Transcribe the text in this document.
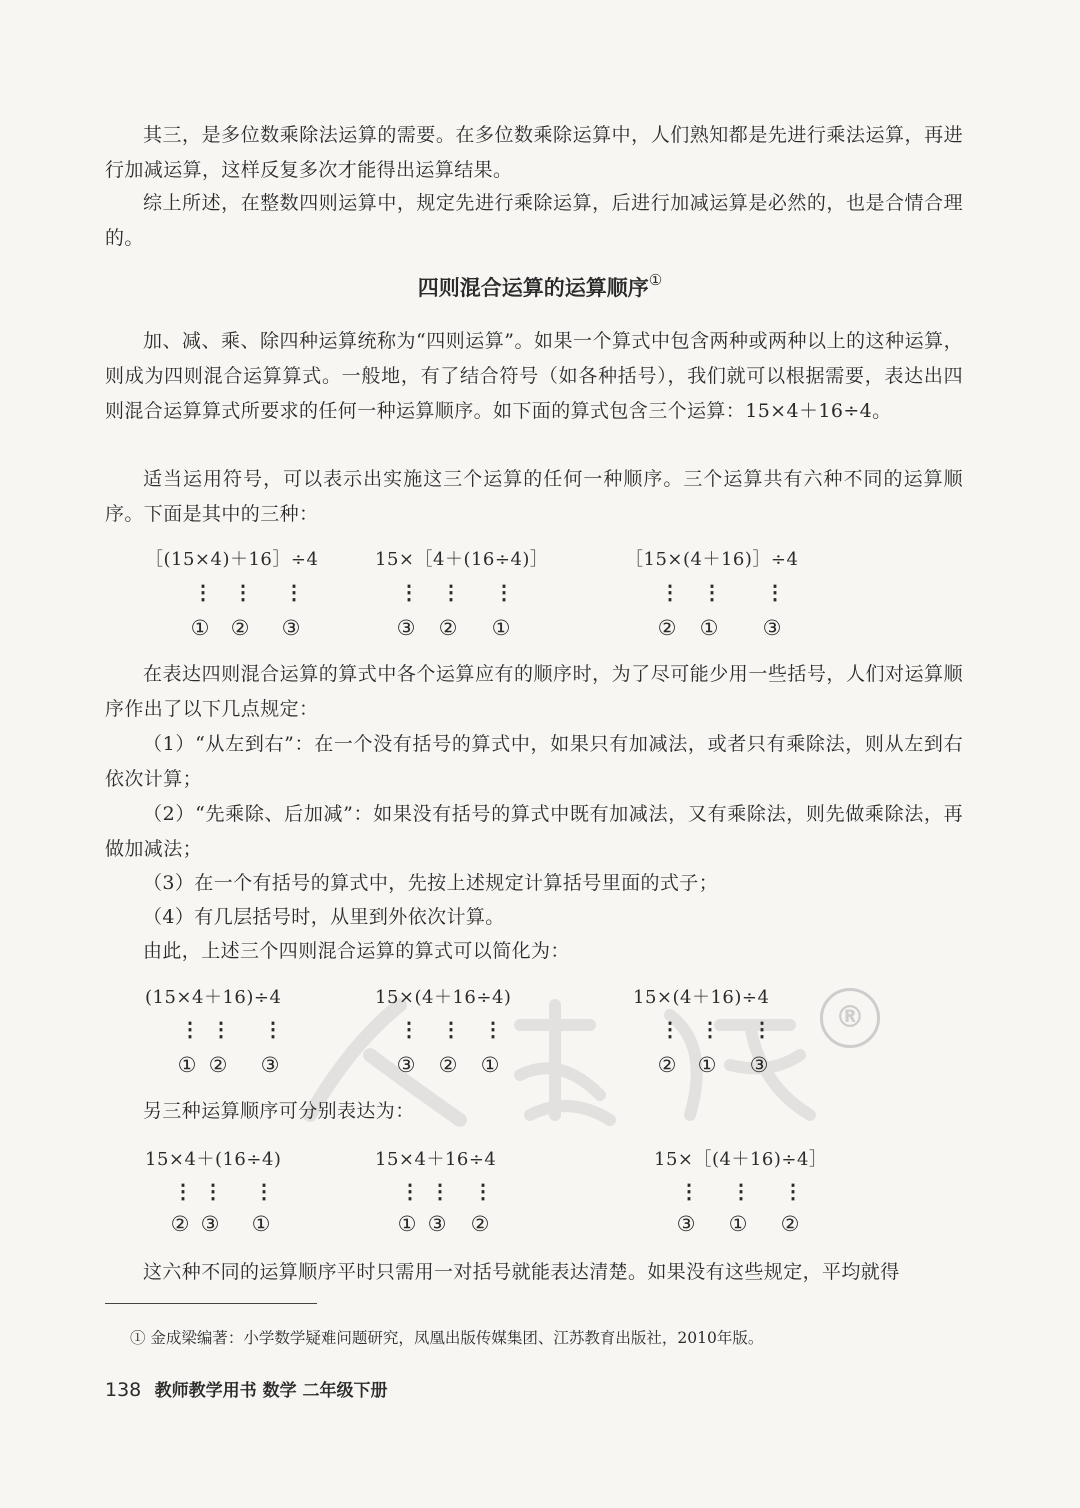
其三，是多位数乘除法运算的需要。在多位数乘除运算中，人们熟知都是先进行乘法运算，再进行加减运算，这样反复多次才能得出运算结果。

综上所述，在整数四则运算中，规定先进行乘除运算，后进行加减运算是必然的，也是合情合理的。

四则混合运算的运算顺序①

加、减、乘、除四种运算统称为“四则运算”。如果一个算式中包含两种或两种以上的这种运算，则成为四则混合运算算式。一般地，有了结合符号（如各种括号），我们就可以根据需要，表达出四则混合运算算式所要求的任何一种运算顺序。如下面的算式包含三个运算：15×4＋16÷4。

适当运用符号，可以表示出实施这三个运算的任何一种顺序。三个运算共有六种不同的运算顺序。下面是其中的三种：

［(15×4)＋16］÷4	15×［4＋(16÷4)］	［15×(4＋16)］÷4
⋮ ⋮ ⋮	⋮ ⋮ ⋮	⋮ ⋮ ⋮
① ② ③	③ ② ①	② ① ③

在表达四则混合运算的算式中各个运算应有的顺序时，为了尽可能少用一些括号，人们对运算顺序作出了以下几点规定：

（1）“从左到右”：在一个没有括号的算式中，如果只有加减法，或者只有乘除法，则从左到右依次计算；

（2）“先乘除、后加减”：如果没有括号的算式中既有加减法，又有乘除法，则先做乘除法，再做加减法；

（3）在一个有括号的算式中，先按上述规定计算括号里面的式子；

（4）有几层括号时，从里到外依次计算。

由此，上述三个四则混合运算的算式可以简化为：

®
(15×4＋16)÷4	15×(4＋16÷4)	15×(4＋16)÷4
⋮ ⋮ ⋮	⋮ ⋮ ⋮	⋮ ⋮ ⋮
① ② ③	③ ② ①	② ① ③

另三种运算顺序可分别表达为：

15×4＋(16÷4)	15×4＋16÷4	15×［(4＋16)÷4］
⋮ ⋮ ⋮	⋮ ⋮ ⋮	⋮ ⋮ ⋮
② ③ ①	① ③ ②	③ ① ②

这六种不同的运算顺序平时只需用一对括号就能表达清楚。如果没有这些规定，平均就得

① 金成梁编著：小学数学疑难问题研究，凤凰出版传媒集团、江苏教育出版社，2010年版。
138 教师教学用书 数学 二年级下册
